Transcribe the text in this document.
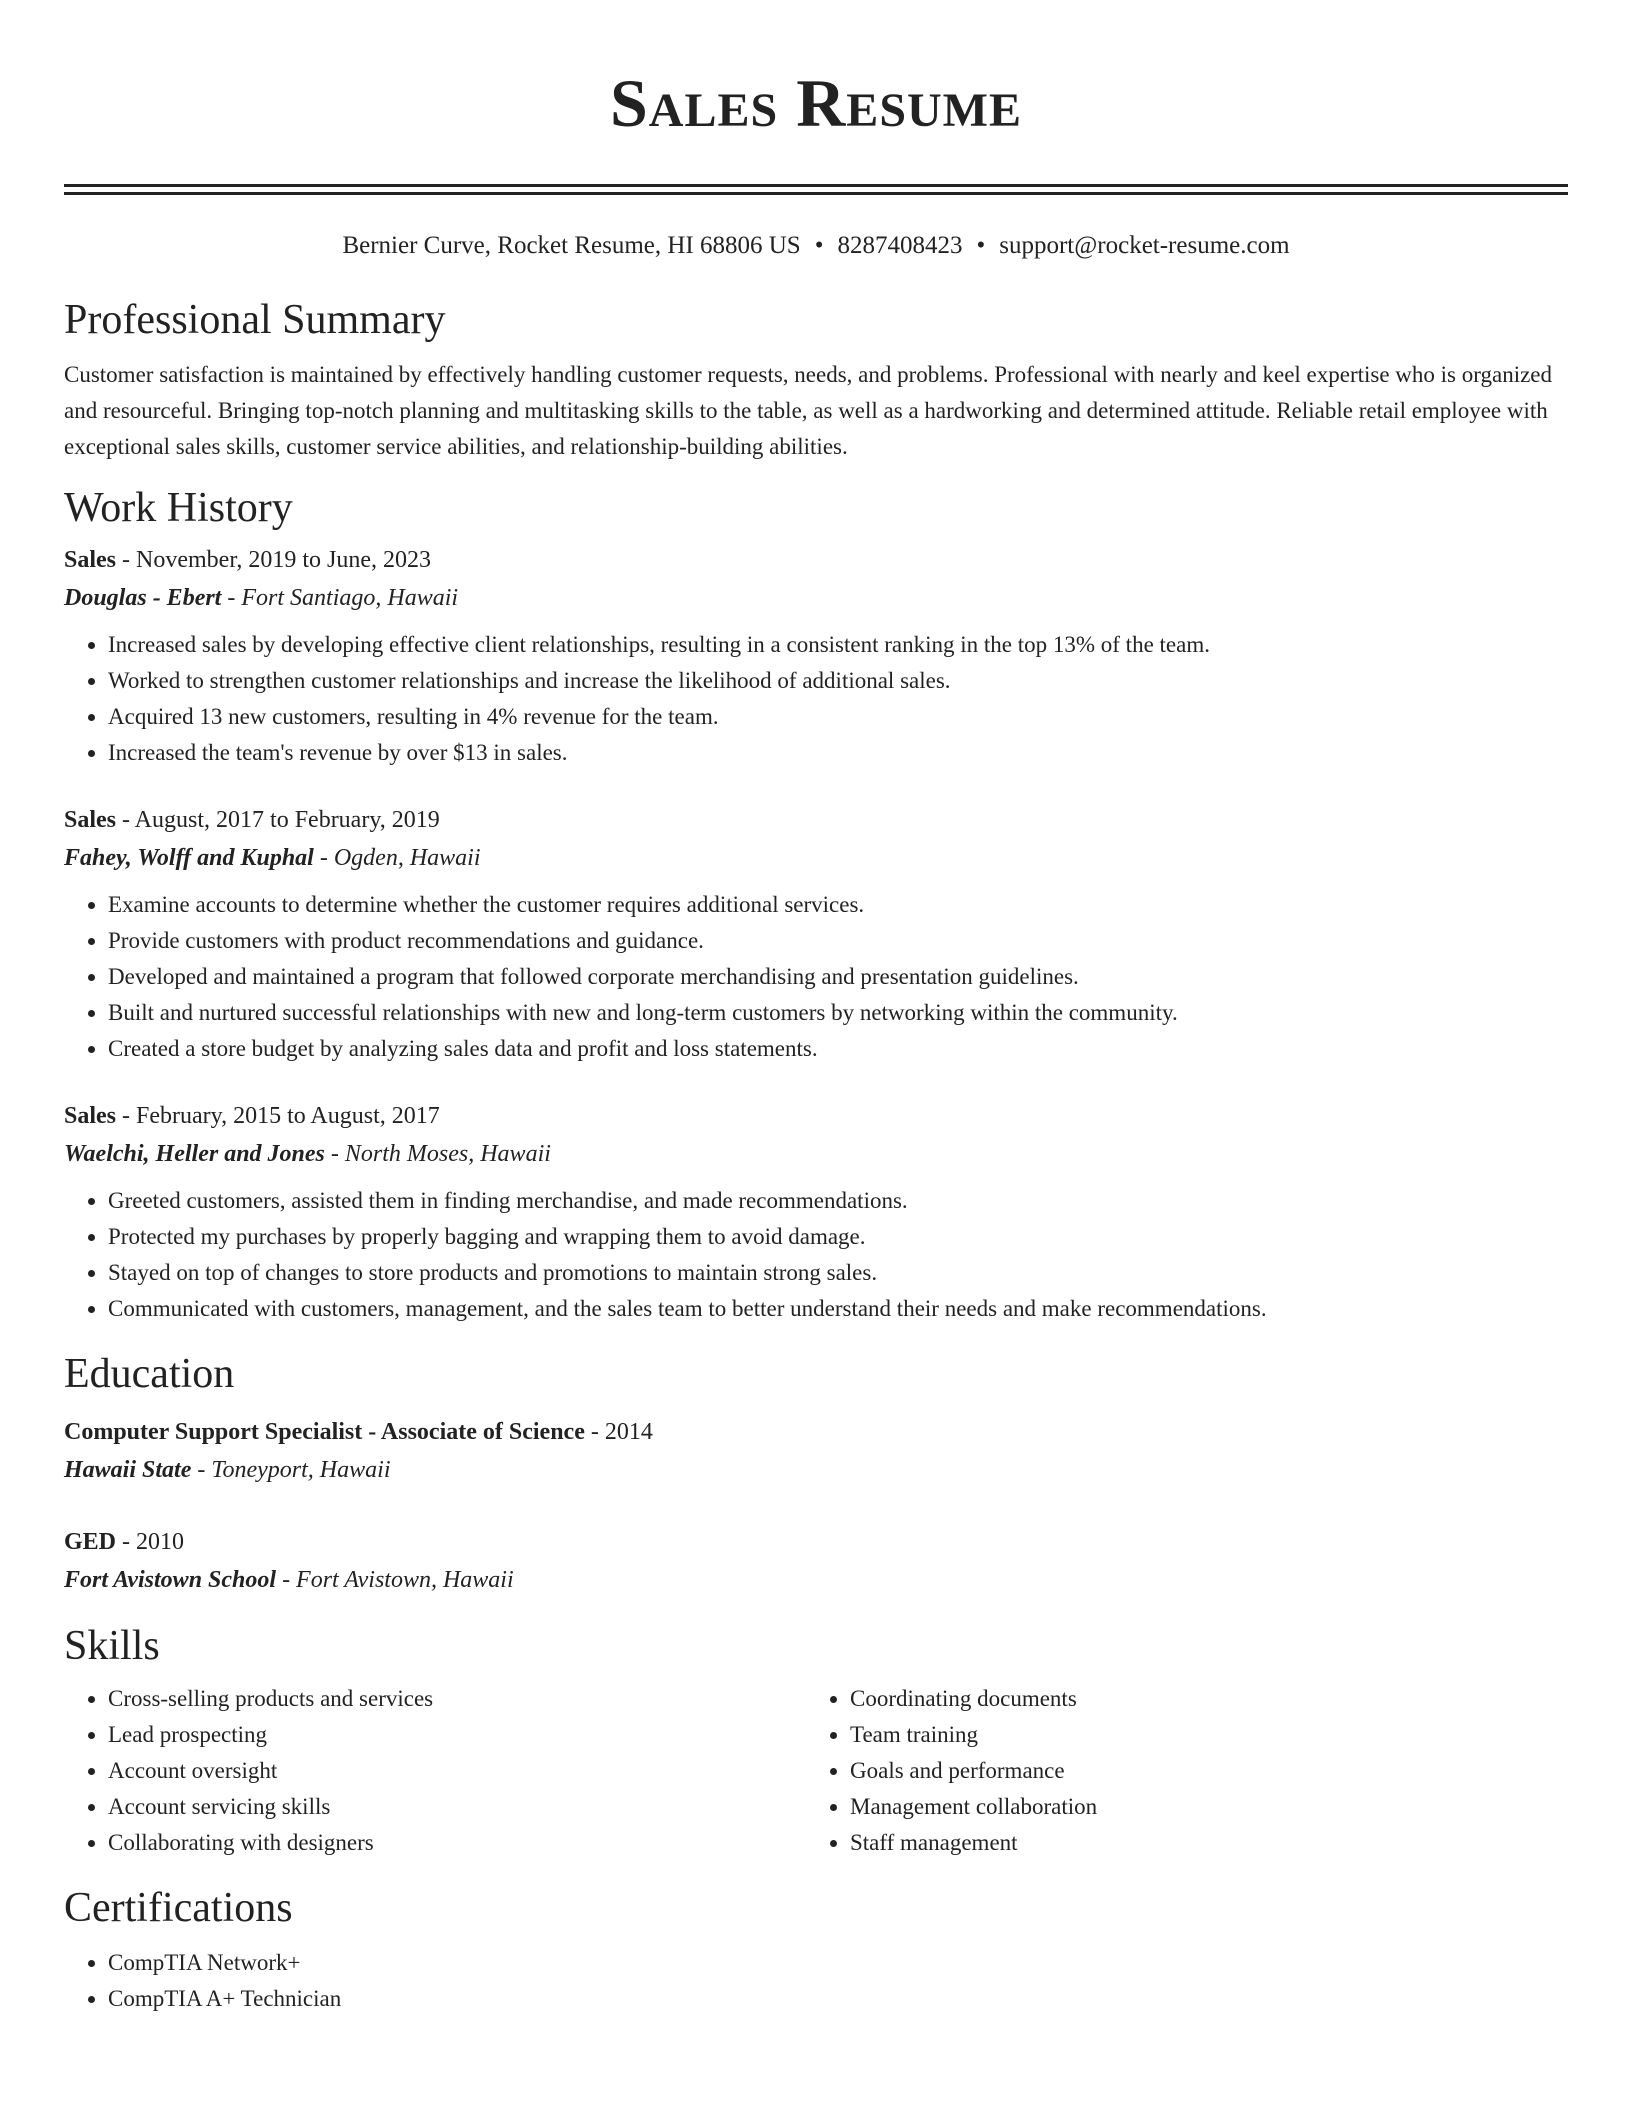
Sales Resume
Bernier Curve, Rocket Resume, HI 68806 US • 8287408423 • support@rocket-resume.com
Professional Summary
Customer satisfaction is maintained by effectively handling customer requests, needs, and problems. Professional with nearly and keel expertise who is organized and resourceful. Bringing top-notch planning and multitasking skills to the table, as well as a hardworking and determined attitude. Reliable retail employee with exceptional sales skills, customer service abilities, and relationship-building abilities.
Work History
Sales - November, 2019 to June, 2023
Douglas - Ebert - Fort Santiago, Hawaii
• Increased sales by developing effective client relationships, resulting in a consistent ranking in the top 13% of the team.
• Worked to strengthen customer relationships and increase the likelihood of additional sales.
• Acquired 13 new customers, resulting in 4% revenue for the team.
• Increased the team's revenue by over $13 in sales.
Sales - August, 2017 to February, 2019
Fahey, Wolff and Kuphal - Ogden, Hawaii
• Examine accounts to determine whether the customer requires additional services.
• Provide customers with product recommendations and guidance.
• Developed and maintained a program that followed corporate merchandising and presentation guidelines.
• Built and nurtured successful relationships with new and long-term customers by networking within the community.
• Created a store budget by analyzing sales data and profit and loss statements.
Sales - February, 2015 to August, 2017
Waelchi, Heller and Jones - North Moses, Hawaii
• Greeted customers, assisted them in finding merchandise, and made recommendations.
• Protected my purchases by properly bagging and wrapping them to avoid damage.
• Stayed on top of changes to store products and promotions to maintain strong sales.
• Communicated with customers, management, and the sales team to better understand their needs and make recommendations.
Education
Computer Support Specialist - Associate of Science - 2014
Hawaii State - Toneyport, Hawaii
GED - 2010
Fort Avistown School - Fort Avistown, Hawaii
Skills
• Cross-selling products and services
• Lead prospecting
• Account oversight
• Account servicing skills
• Collaborating with designers
• Coordinating documents
• Team training
• Goals and performance
• Management collaboration
• Staff management
Certifications
• CompTIA Network+
• CompTIA A+ Technician
